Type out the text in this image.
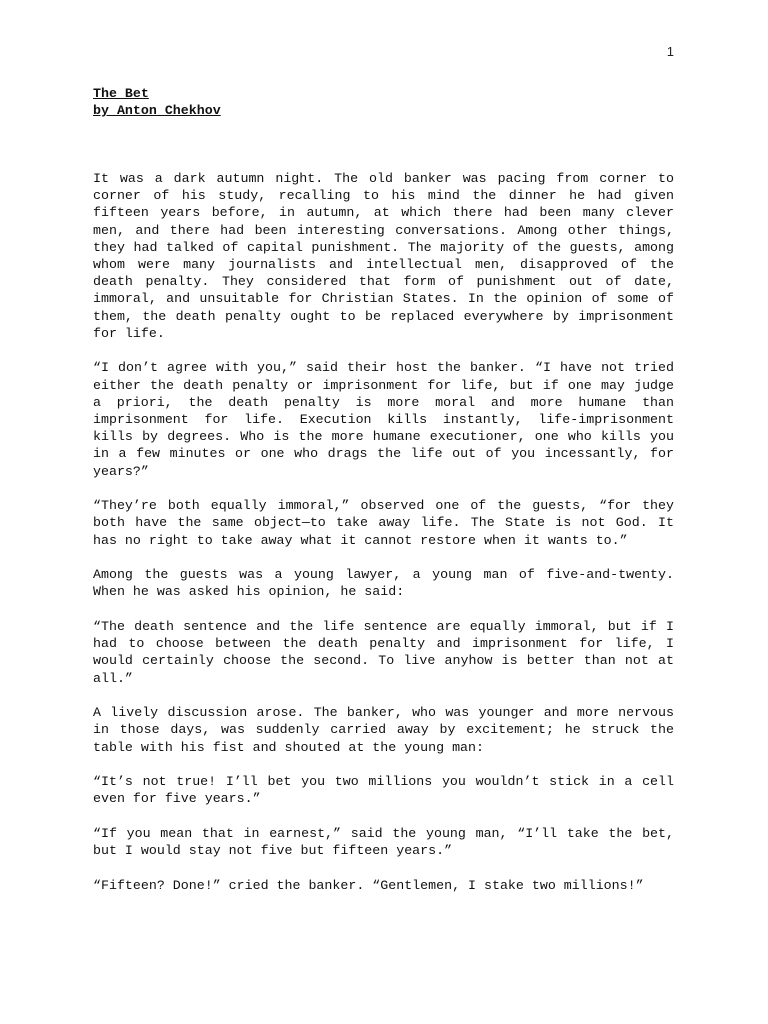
1
The Bet
by Anton Chekhov

It was a dark autumn night. The old banker was pacing from corner to corner of his study, recalling to his mind the dinner he had given fifteen years before, in autumn, at which there had been many clever men, and there had been interesting conversations. Among other things, they had talked of capital punishment. The majority of the guests, among whom were many journalists and intellectual men, disapproved of the death penalty. They considered that form of punishment out of date, immoral, and unsuitable for Christian States. In the opinion of some of them, the death penalty ought to be replaced everywhere by imprisonment for life.

“I don’t agree with you,” said their host the banker. “I have not tried either the death penalty or imprisonment for life, but if one may judge a priori, the death penalty is more moral and more humane than imprisonment for life. Execution kills instantly, life-imprisonment kills by degrees. Who is the more humane executioner, one who kills you in a few minutes or one who drags the life out of you incessantly, for years?”

“They’re both equally immoral,” observed one of the guests, “for they both have the same object—to take away life. The State is not God. It has no right to take away what it cannot restore when it wants to.”

Among the guests was a young lawyer, a young man of five-and-twenty. When he was asked his opinion, he said:

“The death sentence and the life sentence are equally immoral, but if I had to choose between the death penalty and imprisonment for life, I would certainly choose the second. To live anyhow is better than not at all.”

A lively discussion arose. The banker, who was younger and more nervous in those days, was suddenly carried away by excitement; he struck the table with his fist and shouted at the young man:

“It’s not true! I’ll bet you two millions you wouldn’t stick in a cell even for five years.”

“If you mean that in earnest,” said the young man, “I’ll take the bet, but I would stay not five but fifteen years.”

“Fifteen? Done!” cried the banker. “Gentlemen, I stake two millions!”
